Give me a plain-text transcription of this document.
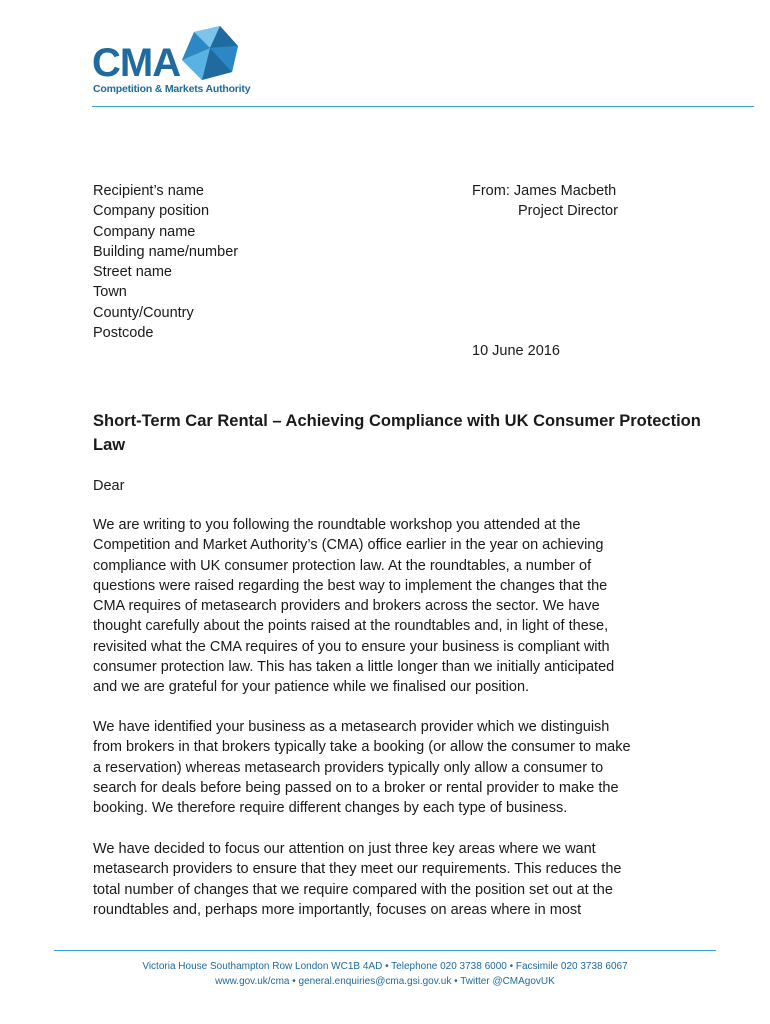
CMA
Competition & Markets Authority
Recipient’s name
Company position
Company name
Building name/number
Street name
Town
County/Country
Postcode
From: James Macbeth
Project Director
10 June 2016
Short-Term Car Rental – Achieving Compliance with UK Consumer Protection Law
Dear
We are writing to you following the roundtable workshop you attended at the
Competition and Market Authority’s (CMA) office earlier in the year on achieving
compliance with UK consumer protection law. At the roundtables, a number of
questions were raised regarding the best way to implement the changes that the
CMA requires of metasearch providers and brokers across the sector. We have
thought carefully about the points raised at the roundtables and, in light of these,
revisited what the CMA requires of you to ensure your business is compliant with
consumer protection law. This has taken a little longer than we initially anticipated
and we are grateful for your patience while we finalised our position.
We have identified your business as a metasearch provider which we distinguish
from brokers in that brokers typically take a booking (or allow the consumer to make
a reservation) whereas metasearch providers typically only allow a consumer to
search for deals before being passed on to a broker or rental provider to make the
booking. We therefore require different changes by each type of business.
We have decided to focus our attention on just three key areas where we want
metasearch providers to ensure that they meet our requirements. This reduces the
total number of changes that we require compared with the position set out at the
roundtables and, perhaps more importantly, focuses on areas where in most
Victoria House Southampton Row London WC1B 4AD • Telephone 020 3738 6000 • Facsimile 020 3738 6067
www.gov.uk/cma • general.enquiries@cma.gsi.gov.uk • Twitter @CMAgovUK
